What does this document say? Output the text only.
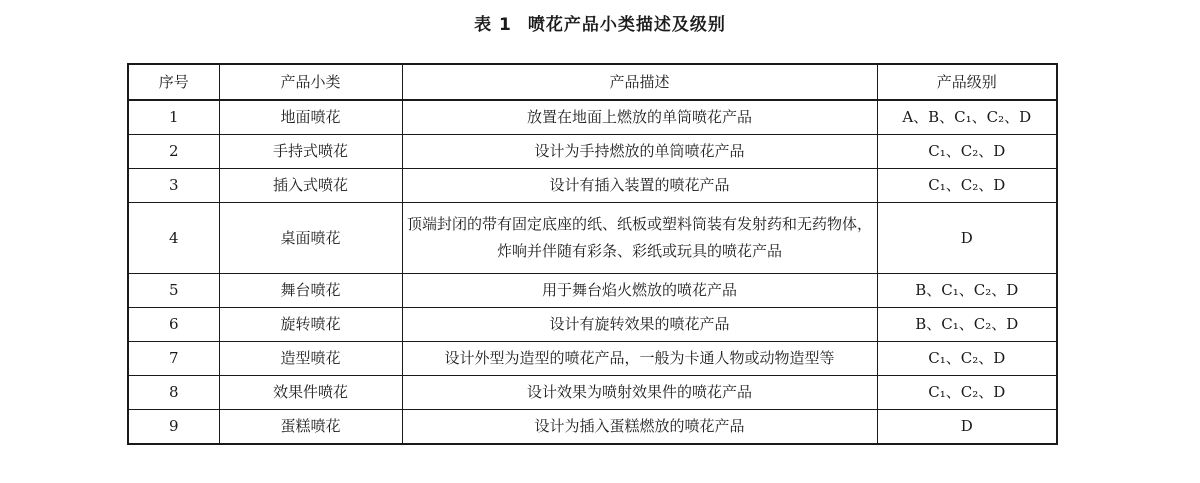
表 1 喷花产品小类描述及级别
序号	产品小类	产品描述	产品级别
1	地面喷花	放置在地面上燃放的单筒喷花产品	A、B、C₁、C₂、D
2	手持式喷花	设计为手持燃放的单筒喷花产品	C₁、C₂、D
3	插入式喷花	设计有插入装置的喷花产品	C₁、C₂、D
4	桌面喷花	顶端封闭的带有固定底座的纸、纸板或塑料筒装有发射药和无药物体，炸响并伴随有彩条、彩纸或玩具的喷花产品	D
5	舞台喷花	用于舞台焰火燃放的喷花产品	B、C₁、C₂、D
6	旋转喷花	设计有旋转效果的喷花产品	B、C₁、C₂、D
7	造型喷花	设计外型为造型的喷花产品，一般为卡通人物或动物造型等	C₁、C₂、D
8	效果件喷花	设计效果为喷射效果件的喷花产品	C₁、C₂、D
9	蛋糕喷花	设计为插入蛋糕燃放的喷花产品	D
